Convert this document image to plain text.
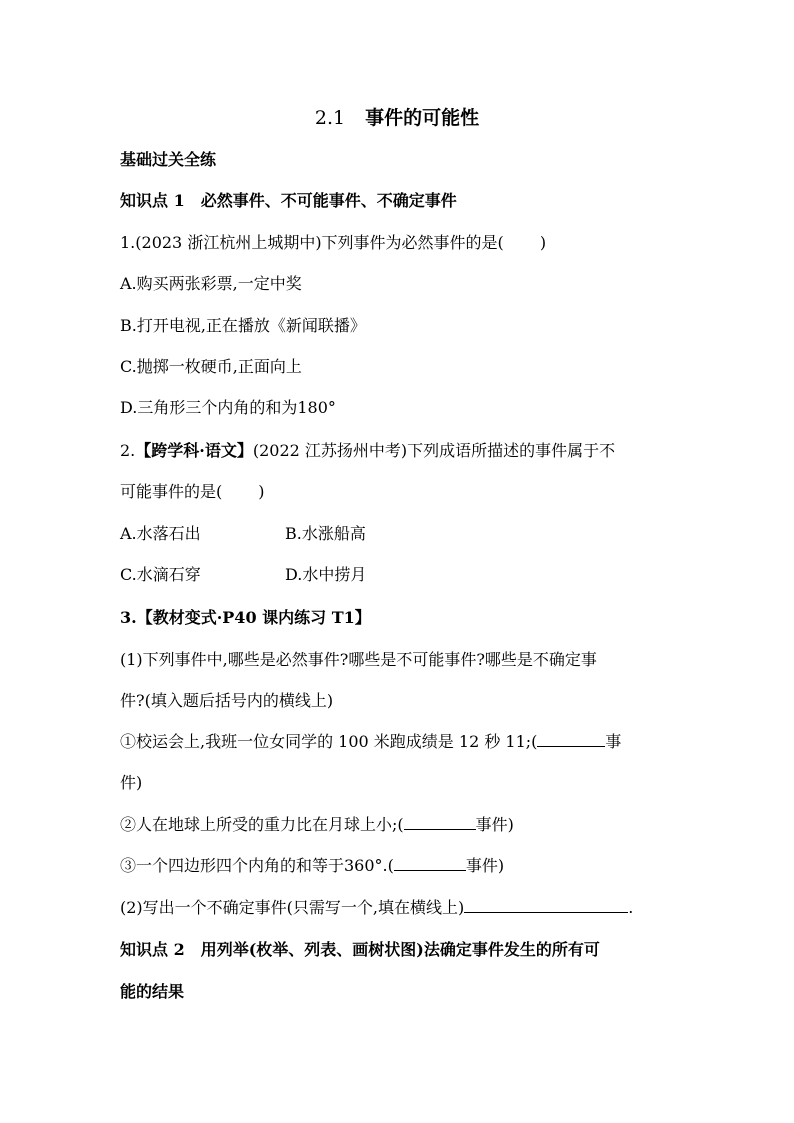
2.1 事件的可能性
基础过关全练
知识点 1　必然事件、不可能事件、不确定事件
1.(2023 浙江杭州上城期中)下列事件为必然事件的是( )
A.购买两张彩票,一定中奖
B.打开电视,正在播放《新闻联播》
C.抛掷一枚硬币,正面向上
D.三角形三个内角的和为180°
2.【跨学科·语文】(2022 江苏扬州中考)下列成语所描述的事件属于不
可能事件的是( )
A.水落石出	B.水涨船高
C.水滴石穿	D.水中捞月
3.【教材变式·P40 课内练习 T1】
(1)下列事件中,哪些是必然事件?哪些是不可能事件?哪些是不确定事
件?(填入题后括号内的横线上)
①校运会上,我班一位女同学的 100 米跑成绩是 12 秒 11;(	事
件)
②人在地球上所受的重力比在月球上小;(	事件)
③一个四边形四个内角的和等于360°.(	事件)
(2)写出一个不确定事件(只需写一个,填在横线上)	.
知识点 2　用列举(枚举、列表、画树状图)法确定事件发生的所有可
能的结果
